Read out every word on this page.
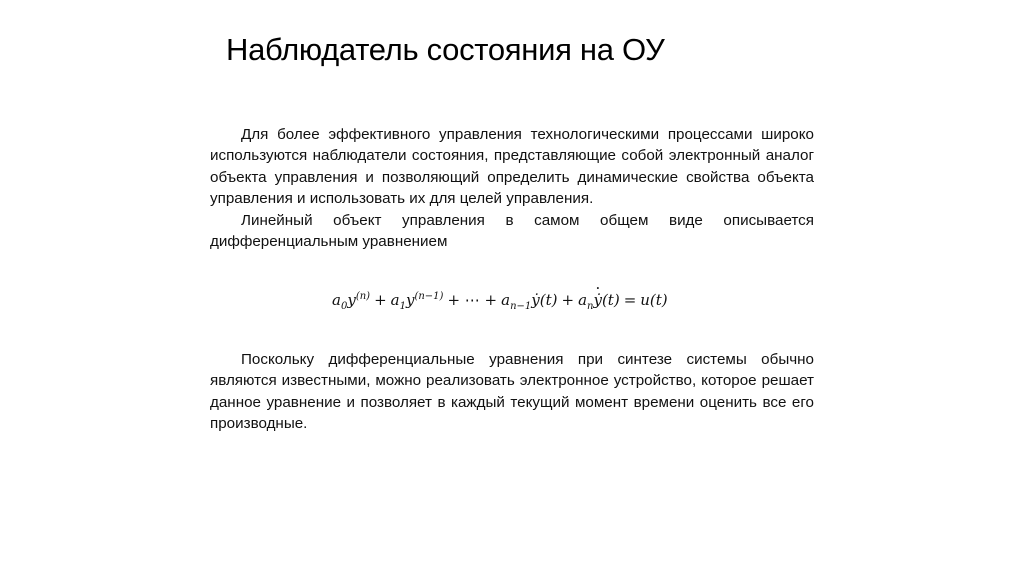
Наблюдатель состояния на ОУ

Для более эффективного управления технологическими процессами широко используются наблюдатели состояния, представляющие собой электронный аналог объекта управления и позволяющий определить динамические свойства объекта управления и использовать их для целей управления.

Линейный объект управления в самом общем виде описывается дифференциальным уравнением

$a_0y^{(n)} + a_1y^{(n-1)}$ + ⋯ + $a_{n-1}ẏ(t) + a_n\cdot$ ẏ(t) = u(t)

Поскольку дифференциальные уравнения при синтезе системы обычно являются известными, можно реализовать электронное устройство, которое решает данное уравнение и позволяет в каждый текущий момент времени оценить все его производные.
